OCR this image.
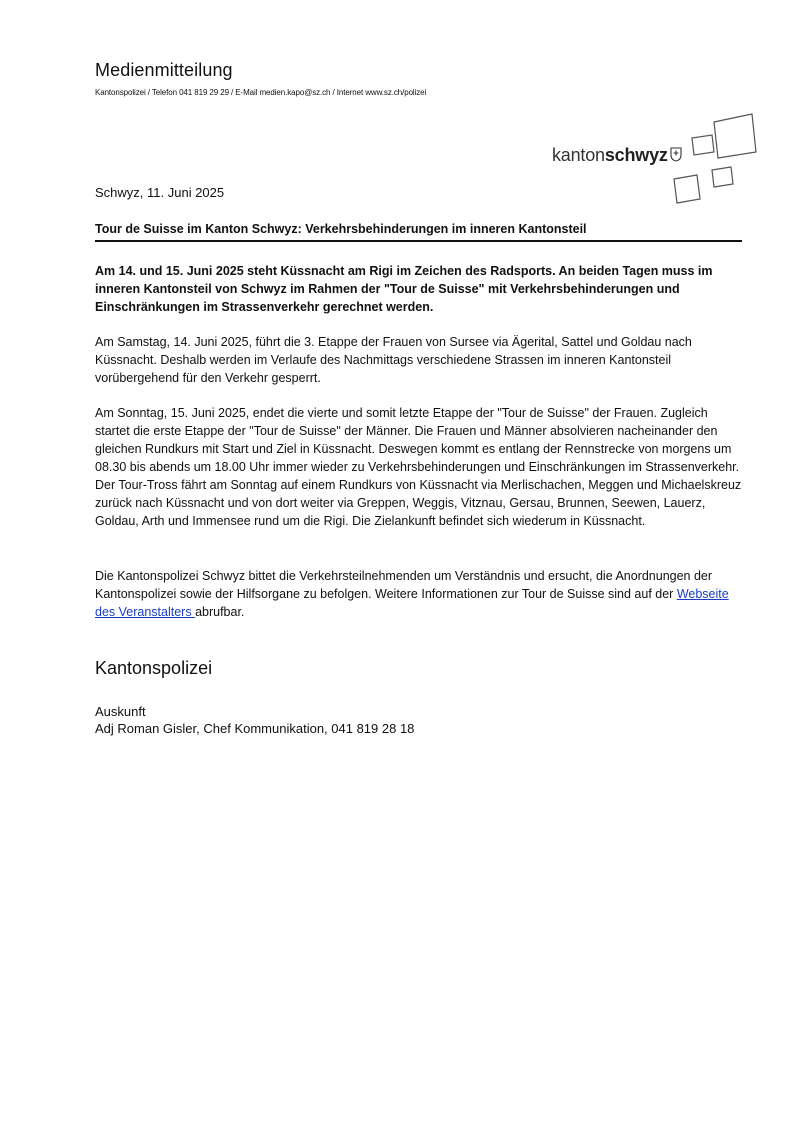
Medienmitteilung
Kantonspolizei / Telefon 041 819 29 29 / E-Mail medien.kapo@sz.ch / Internet www.sz.ch/polizei
kantonschwyz
Schwyz, 11. Juni 2025
Tour de Suisse im Kanton Schwyz: Verkehrsbehinderungen im inneren Kantonsteil
Am 14. und 15. Juni 2025 steht Küssnacht am Rigi im Zeichen des Radsports. An beiden Tagen muss im inneren Kantonsteil von Schwyz im Rahmen der "Tour de Suisse" mit Verkehrsbehinderungen und Einschränkungen im Strassenverkehr gerechnet werden.
Am Samstag, 14. Juni 2025, führt die 3. Etappe der Frauen von Sursee via Ägerital, Sattel und Goldau nach Küssnacht. Deshalb werden im Verlaufe des Nachmittags verschiedene Strassen im inneren Kantonsteil vorübergehend für den Verkehr gesperrt.
Am Sonntag, 15. Juni 2025, endet die vierte und somit letzte Etappe der "Tour de Suisse" der Frauen. Zugleich startet die erste Etappe der "Tour de Suisse" der Männer. Die Frauen und Männer absolvieren nacheinander den gleichen Rundkurs mit Start und Ziel in Küssnacht. Deswegen kommt es entlang der Rennstrecke von morgens um 08.30 bis abends um 18.00 Uhr immer wieder zu Verkehrsbehinderungen und Einschränkungen im Strassenverkehr. Der Tour-Tross fährt am Sonntag auf einem Rundkurs von Küssnacht via Merlischachen, Meggen und Michaelskreuz zurück nach Küssnacht und von dort weiter via Greppen, Weggis, Vitznau, Gersau, Brunnen, Seewen, Lauerz, Goldau, Arth und Immensee rund um die Rigi. Die Zielankunft befindet sich wiederum in Küssnacht.
Die Kantonspolizei Schwyz bittet die Verkehrsteilnehmenden um Verständnis und ersucht, die Anordnungen der Kantonspolizei sowie der Hilfsorgane zu befolgen. Weitere Informationen zur Tour de Suisse sind auf der Webseite des Veranstalters abrufbar.
Kantonspolizei
Auskunft
Adj Roman Gisler, Chef Kommunikation, 041 819 28 18
